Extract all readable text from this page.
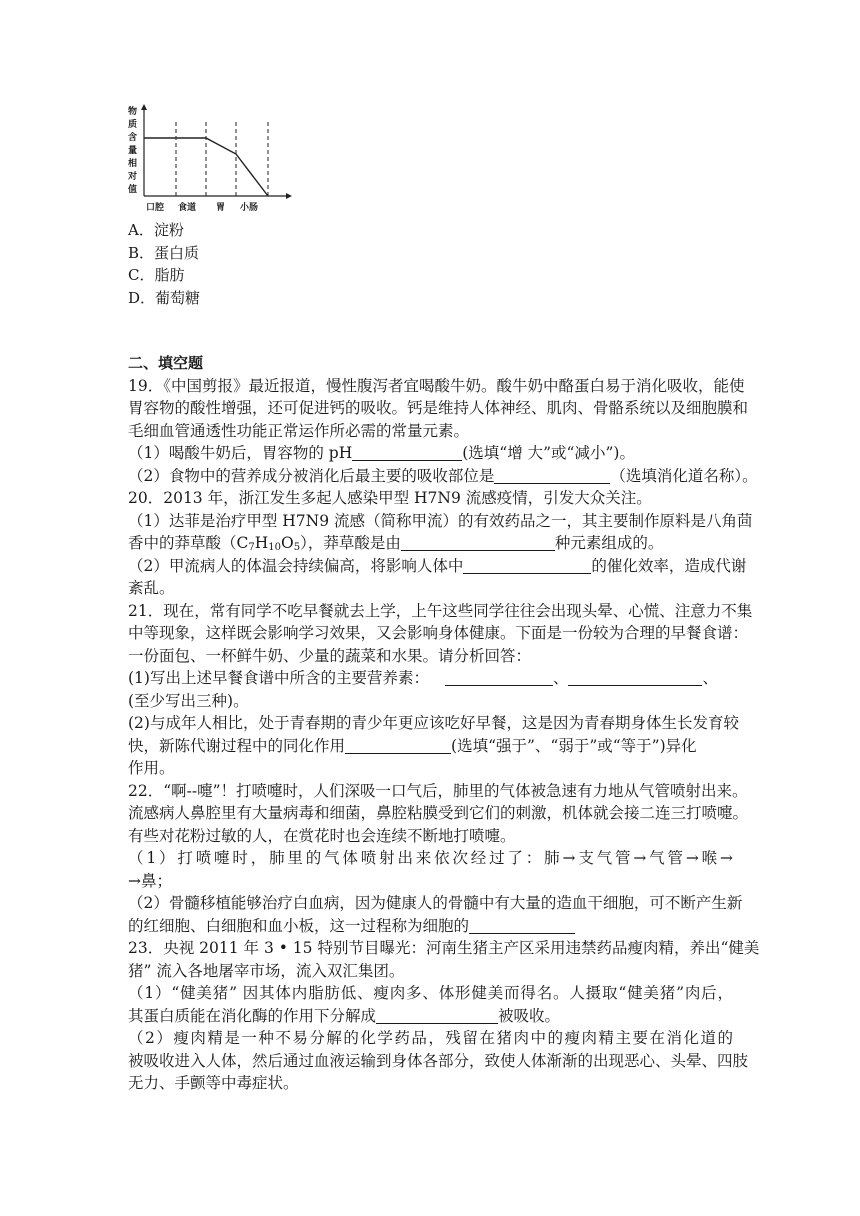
物
质
含
量
相
对
值
口腔 食道 胃 小肠
A．淀粉
B．蛋白质
C．脂肪
D．葡萄糖
二、填空题
19．《中国剪报》最近报道，慢性腹泻者宜喝酸牛奶。酸牛奶中酪蛋白易于消化吸收，能使
胃容物的酸性增强，还可促进钙的吸收。钙是维持人体神经、肌肉、骨骼系统以及细胞膜和
毛细血管通透性功能正常运作所必需的常量元素。
（1）喝酸牛奶后，胃容物的 pH	(选填“增 大”或“减小”)。
（2）食物中的营养成分被消化后最主要的吸收部位是	（选填消化道名称）。
20．2013 年，浙江发生多起人感染甲型 H7N9 流感疫情，引发大众关注。
（1）达菲是治疗甲型 H7N9 流感（简称甲流）的有效药品之一，其主要制作原料是八角茴
香中的莽草酸$(C_7H_{10}O_5)$，莽草酸是由	种元素组成的。
（2）甲流病人的体温会持续偏高，将影响人体中	的催化效率，造成代谢
紊乱。
21．现在，常有同学不吃早餐就去上学，上午这些同学往往会出现头晕、心慌、注意力不集
中等现象，这样既会影响学习效果，又会影响身体健康。下面是一份较为合理的早餐食谱：
一份面包、一杯鲜牛奶、少量的蔬菜和水果。请分析回答：
(1)写出上述早餐食谱中所含的主要营养素：	、	、
(至少写出三种)。
(2)与成年人相比，处于青春期的青少年更应该吃好早餐，这是因为青春期身体生长发育较
快，新陈代谢过程中的同化作用	(选填“强于”、“弱于”或“等于”)异化
作用。
22．“啊--嚏”！打喷嚏时，人们深吸一口气后，肺里的气体被急速有力地从气管喷射出来。
流感病人鼻腔里有大量病毒和细菌，鼻腔粘膜受到它们的刺激，机体就会接二连三打喷嚏。
有些对花粉过敏的人，在赏花时也会连续不断地打喷嚏。
（1）打喷嚏时，肺里的气体喷射出来依次经过了：肺→支气管→气管→喉→
→鼻；
（2）骨髓移植能够治疗白血病，因为健康人的骨髓中有大量的造血干细胞，可不断产生新
的红细胞、白细胞和血小板，这一过程称为细胞的
23．央视 2011 年 3 • 15 特别节目曝光：河南生猪主产区采用违禁药品瘦肉精，养出“健美
猪” 流入各地屠宰市场，流入双汇集团。
（1）“健美猪” 因其体内脂肪低、瘦肉多、体形健美而得名。人摄取“健美猪”肉后，
其蛋白质能在消化酶的作用下分解成	被吸收。
（2）瘦肉精是一种不易分解的化学药品，残留在猪肉中的瘦肉精主要在消化道的
被吸收进入人体，然后通过血液运输到身体各部分，致使人体渐渐的出现恶心、头晕、四肢
无力、手颤等中毒症状。
